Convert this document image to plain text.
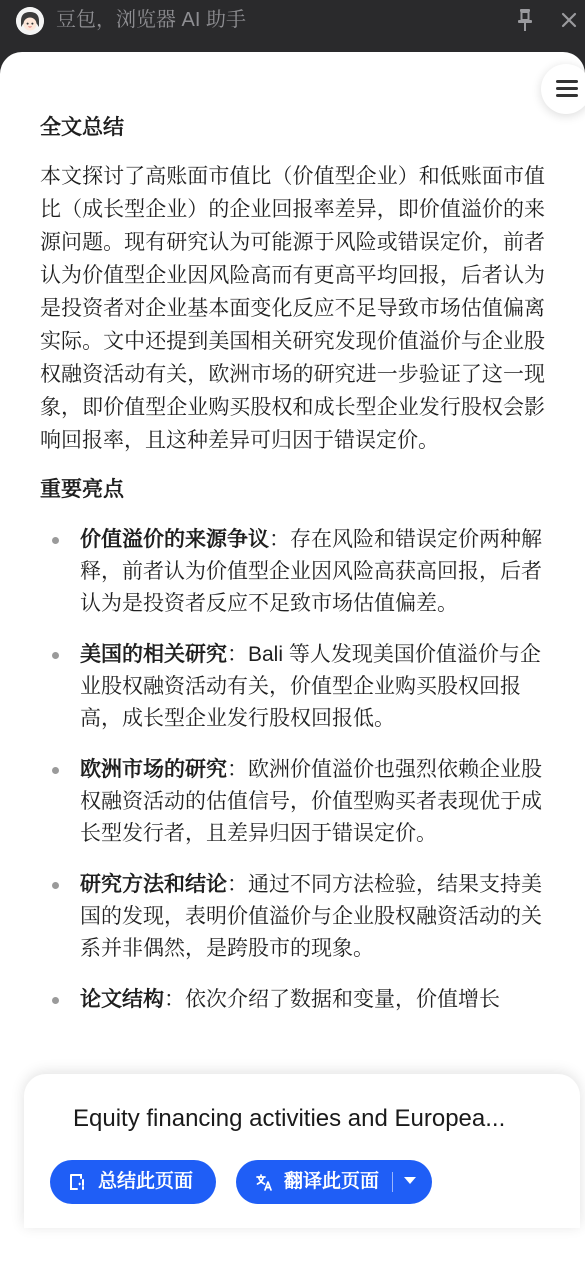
豆包，浏览器 AI 助手
全文总结

本文探讨了高账面市值比（价值型企业）和低账面市值比（成长型企业）的企业回报率差异，即价值溢价的来源问题。现有研究认为可能源于风险或错误定价，前者认为价值型企业因风险高而有更高平均回报，后者认为是投资者对企业基本面变化反应不足导致市场估值偏离实际。文中还提到美国相关研究发现价值溢价与企业股权融资活动有关，欧洲市场的研究进一步验证了这一现象，即价值型企业购买股权和成长型企业发行股权会影响回报率，且这种差异可归因于错误定价。

重要亮点
价值溢价的来源争议：存在风险和错误定价两种解释，前者认为价值型企业因风险高获高回报，后者认为是投资者反应不足致市场估值偏差。
美国的相关研究：Bali 等人发现美国价值溢价与企业股权融资活动有关，价值型企业购买股权回报高，成长型企业发行股权回报低。
欧洲市场的研究：欧洲价值溢价也强烈依赖企业股权融资活动的估值信号，价值型购买者表现优于成长型发行者，且差异归因于错误定价。
研究方法和结论：通过不同方法检验，结果支持美国的发现，表明价值溢价与企业股权融资活动的关系并非偶然，是跨股市的现象。
论文结构：依次介绍了数据和变量，价值增长
Equity financing activities and Europea...
总结此页面	翻译此页面
